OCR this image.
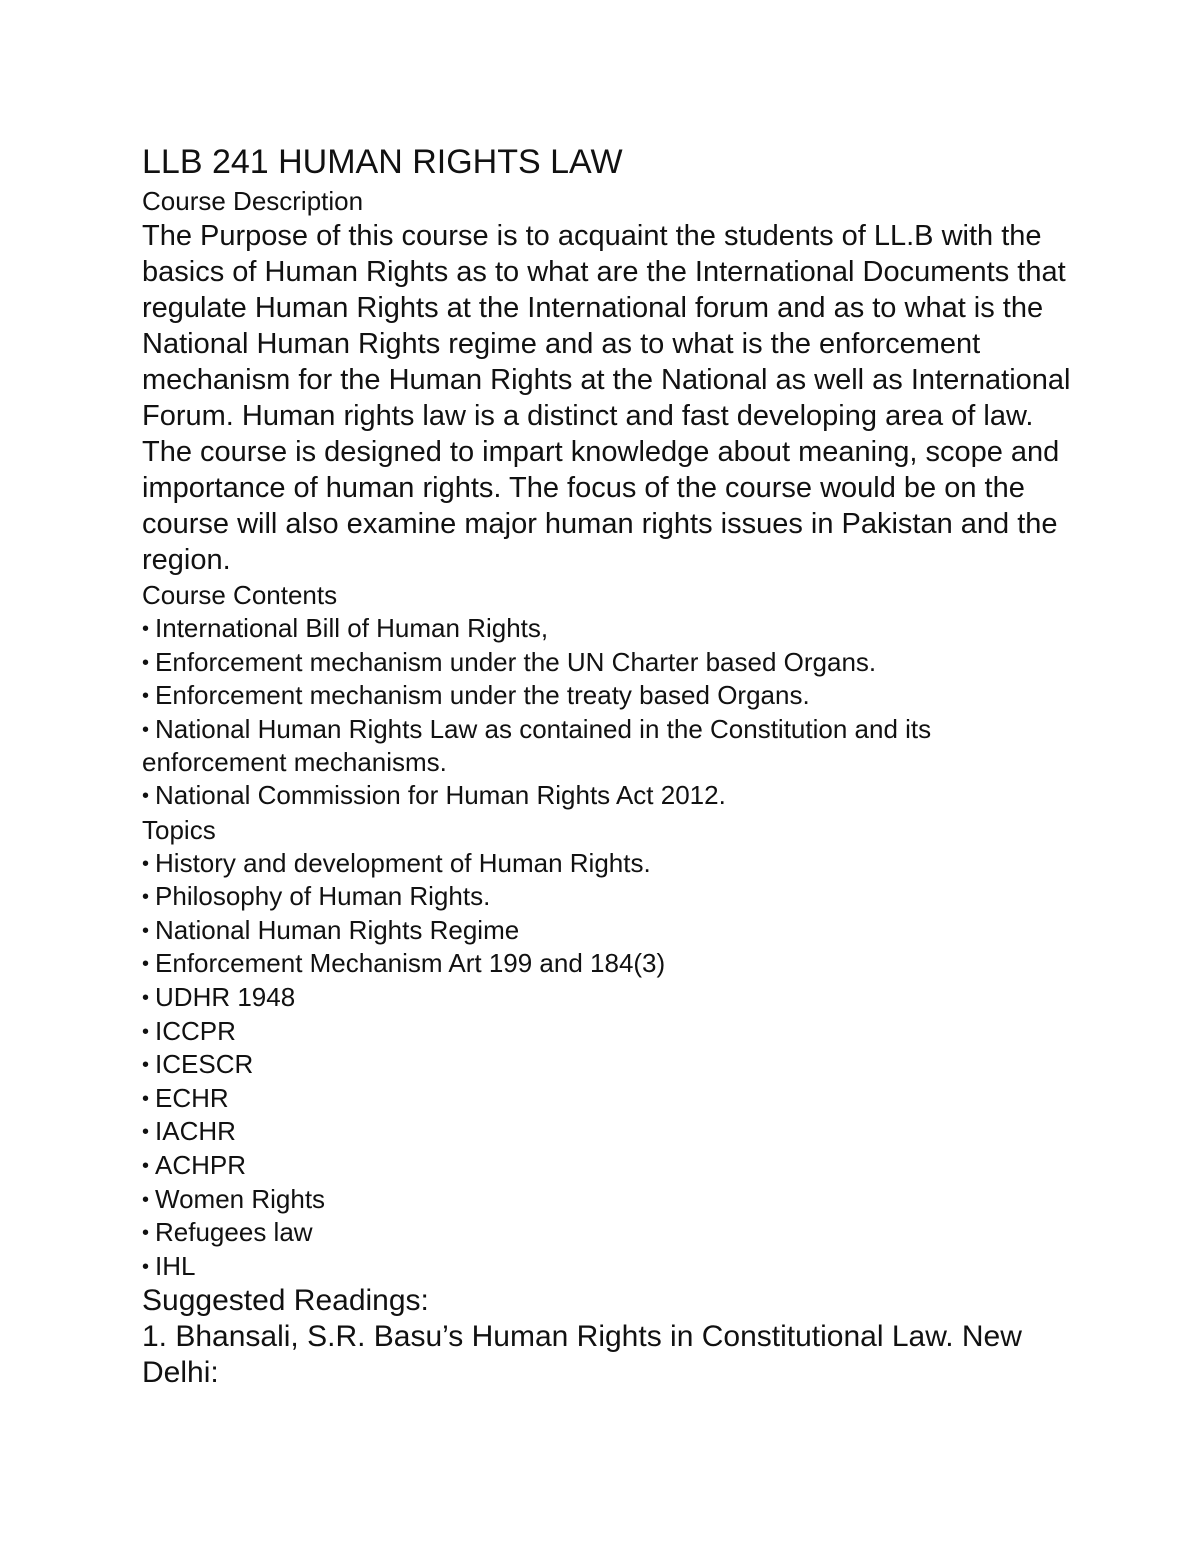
LLB 241 HUMAN RIGHTS LAW
Course Description

The Purpose of this course is to acquaint the students of LL.B with the basics of Human Rights as to what are the International Documents that regulate Human Rights at the International forum and as to what is the National Human Rights regime and as to what is the enforcement mechanism for the Human Rights at the National as well as International Forum. Human rights law is a distinct and fast developing area of law. The course is designed to impart knowledge about meaning, scope and importance of human rights. The focus of the course would be on the course will also examine major human rights issues in Pakistan and the region.

Course Contents
• International Bill of Human Rights,
• Enforcement mechanism under the UN Charter based Organs.
• Enforcement mechanism under the treaty based Organs.
• National Human Rights Law as contained in the Constitution and its enforcement mechanisms.
• National Commission for Human Rights Act 2012.
Topics
• History and development of Human Rights.
• Philosophy of Human Rights.
• National Human Rights Regime
• Enforcement Mechanism Art 199 and 184(3)
• UDHR 1948
• ICCPR
• ICESCR
• ECHR
• IACHR
• ACHPR
• Women Rights
• Refugees law
• IHL
Suggested Readings:

1. Bhansali, S.R. Basu’s Human Rights in Constitutional Law. New Delhi:
